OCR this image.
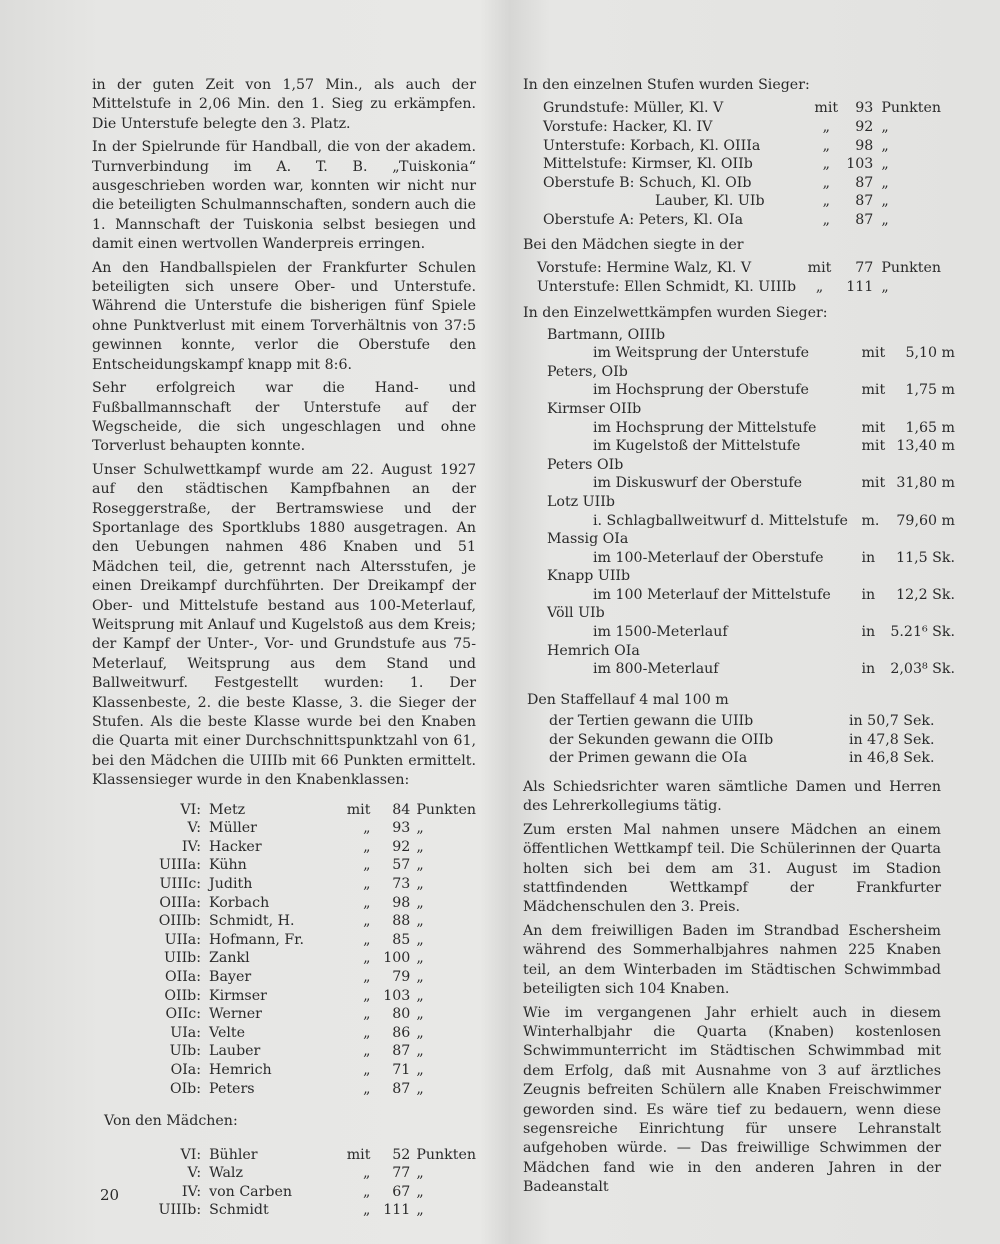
in der guten Zeit von 1,57 Min., als auch der Mittelstufe in 2,06 Min. den 1. Sieg zu erkämpfen. Die Unterstufe belegte den 3. Platz.

In der Spielrunde für Handball, die von der akadem. Turnverbindung im A. T. B. „Tuiskonia“ ausgeschrieben worden war, konnten wir nicht nur die beteiligten Schulmannschaften, sondern auch die 1. Mannschaft der Tuiskonia selbst besiegen und damit einen wertvollen Wanderpreis erringen.

An den Handballspielen der Frankfurter Schulen beteiligten sich unsere Ober- und Unterstufe. Während die Unterstufe die bisherigen fünf Spiele ohne Punktverlust mit einem Torverhältnis von 37:5 gewinnen konnte, verlor die Oberstufe den Entscheidungskampf knapp mit 8:6.

Sehr erfolgreich war die Hand- und Fußballmannschaft der Unterstufe auf der Wegscheide, die sich ungeschlagen und ohne Torverlust behaupten konnte.

Unser Schulwettkampf wurde am 22. August 1927 auf den städtischen Kampfbahnen an der Roseggerstraße, der Bertramswiese und der Sportanlage des Sportklubs 1880 ausgetragen. An den Uebungen nahmen 486 Knaben und 51 Mädchen teil, die, getrennt nach Altersstufen, je einen Dreikampf durchführten. Der Dreikampf der Ober- und Mittelstufe bestand aus 100-Meterlauf, Weitsprung mit Anlauf und Kugelstoß aus dem Kreis; der Kampf der Unter-, Vor- und Grundstufe aus 75-Meterlauf, Weitsprung aus dem Stand und Ballweitwurf. Festgestellt wurden: 1. Der Klassenbeste, 2. die beste Klasse, 3. die Sieger der Stufen. Als die beste Klasse wurde bei den Knaben die Quarta mit einer Durchschnittspunktzahl von 61, bei den Mädchen die UIIIb mit 66 Punkten ermittelt. Klassensieger wurde in den Knabenklassen:

VI:	Metz	mit	84	Punkten
V:	Müller	„	93	„
IV:	Hacker	„	92	„
UIIIa:	Kühn	„	57	„
UIIIc:	Judith	„	73	„
OIIIa:	Korbach	„	98	„
OIIIb:	Schmidt, H.	„	88	„
UIIa:	Hofmann, Fr.	„	85	„
UIIb:	Zankl	„	100	„
OIIa:	Bayer	„	79	„
OIIb:	Kirmser	„	103	„
OIIc:	Werner	„	80	„
UIa:	Velte	„	86	„
UIb:	Lauber	„	87	„
OIa:	Hemrich	„	71	„
OIb:	Peters	„	87	„
Von den Mädchen:
VI:	Bühler	mit	52	Punkten
V:	Walz	„	77	„
IV:	von Carben	„	67	„
UIIIb:	Schmidt	„	111	„
In den einzelnen Stufen wurden Sieger:
Grundstufe: Müller, Kl. V	mit	93	Punkten
Vorstufe: Hacker, Kl. IV	„	92	„
Unterstufe: Korbach, Kl. OIIIa	„	98	„
Mittelstufe: Kirmser, Kl. OIIb	„	103	„
Oberstufe B: Schuch, Kl. OIb	„	87	„
Lauber, Kl. UIb	„	87	„
Oberstufe A: Peters, Kl. OIa	„	87	„
Bei den Mädchen siegte in der
Vorstufe: Hermine Walz, Kl. V	mit	77	Punkten
Unterstufe: Ellen Schmidt, Kl. UIIIb	„	111	„
In den Einzelwettkämpfen wurden Sieger:
Bartmann, OIIIb		
im Weitsprung der Unterstufe	mit	5,10 m
Peters, OIb		
im Hochsprung der Oberstufe	mit	1,75 m
Kirmser OIIb		
im Hochsprung der Mittelstufe	mit	1,65 m
im Kugelstoß der Mittelstufe	mit	13,40 m
Peters OIb		
im Diskuswurf der Oberstufe	mit	31,80 m
Lotz UIIb		
i. Schlagballweitwurf d. Mittelstufe	m.	79,60 m
Massig OIa		
im 100-Meterlauf der Oberstufe	in	11,5 Sk.
Knapp UIIb		
im 100 Meterlauf der Mittelstufe	in	12,2 Sk.
Völl UIb		
im 1500-Meterlauf	in	5.21⁶ Sk.
Hemrich OIa		
im 800-Meterlauf	in	2,03⁸ Sk.
Den Staffellauf 4 mal 100 m
der Tertien gewann die UIIb	in 50,7 Sek.
der Sekunden gewann die OIIb	in 47,8 Sek.
der Primen gewann die OIa	in 46,8 Sek.

Als Schiedsrichter waren sämtliche Damen und Herren des Lehrerkollegiums tätig.

Zum ersten Mal nahmen unsere Mädchen an einem öffentlichen Wettkampf teil. Die Schülerinnen der Quarta holten sich bei dem am 31. August im Stadion stattfindenden Wettkampf der Frankfurter Mädchenschulen den 3. Preis.

An dem freiwilligen Baden im Strandbad Eschersheim während des Sommerhalbjahres nahmen 225 Knaben teil, an dem Winterbaden im Städtischen Schwimmbad beteiligten sich 104 Knaben.

Wie im vergangenen Jahr erhielt auch in diesem Winterhalbjahr die Quarta (Knaben) kostenlosen Schwimmunterricht im Städtischen Schwimmbad mit dem Erfolg, daß mit Ausnahme von 3 auf ärztliches Zeugnis befreiten Schülern alle Knaben Freischwimmer geworden sind. Es wäre tief zu bedauern, wenn diese segensreiche Einrichtung für unsere Lehranstalt aufgehoben würde. — Das freiwillige Schwimmen der Mädchen fand wie in den anderen Jahren in der Badeanstalt

20
